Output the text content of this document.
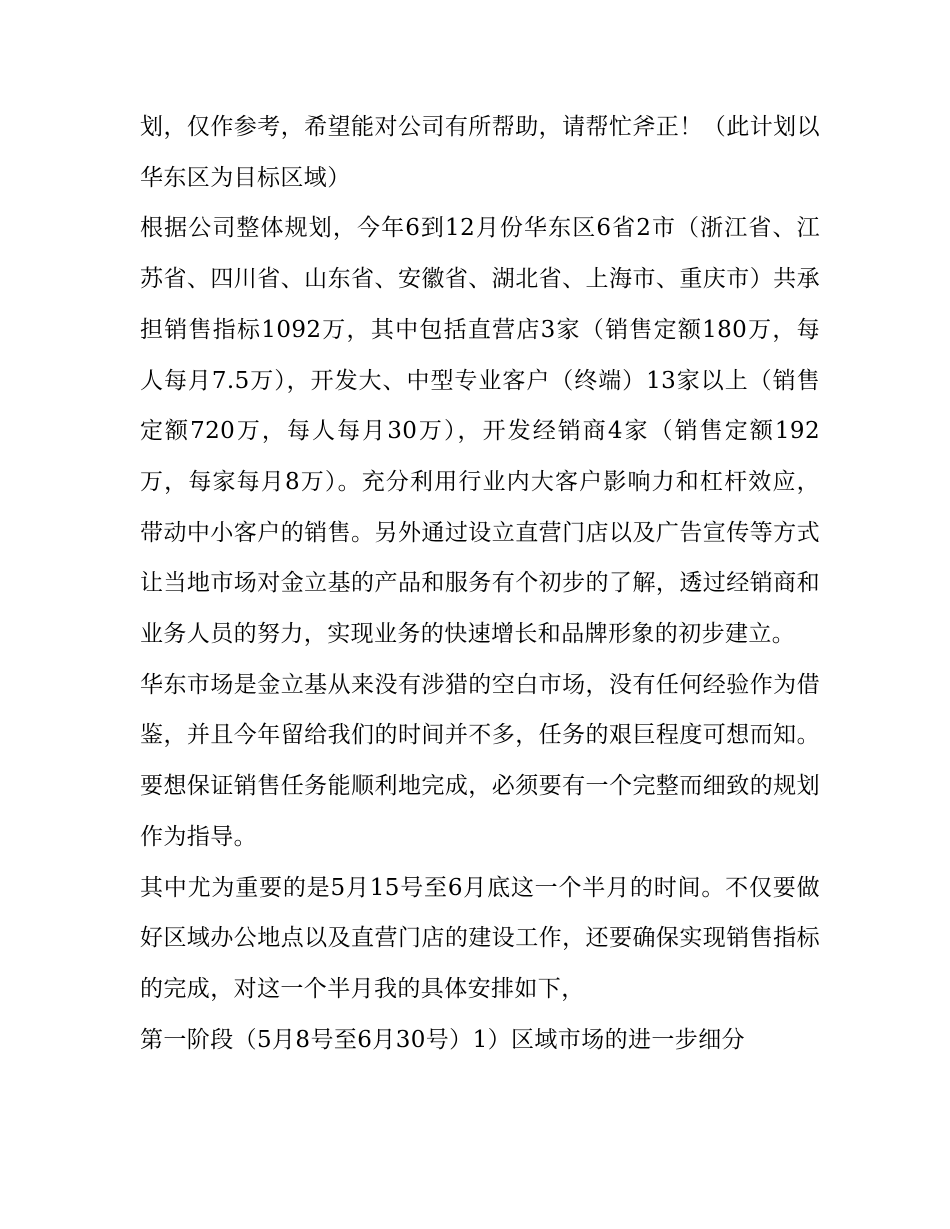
划，仅作参考，希望能对公司有所帮助，请帮忙斧正！（此计划以华东区为目标区域）

根据公司整体规划，今年6到12月份华东区6省2市（浙江省、江苏省、四川省、山东省、安徽省、湖北省、上海市、重庆市）共承担销售指标1092万，其中包括直营店3家（销售定额180万，每人每月7.5万），开发大、中型专业客户（终端）13家以上（销售定额720万，每人每月30万），开发经销商4家（销售定额192万，每家每月8万）。充分利用行业内大客户影响力和杠杆效应，带动中小客户的销售。另外通过设立直营门店以及广告宣传等方式让当地市场对金立基的产品和服务有个初步的了解，透过经销商和业务人员的努力，实现业务的快速增长和品牌形象的初步建立。

华东市场是金立基从来没有涉猎的空白市场，没有任何经验作为借鉴，并且今年留给我们的时间并不多，任务的艰巨程度可想而知。要想保证销售任务能顺利地完成，必须要有一个完整而细致的规划作为指导。

其中尤为重要的是5月15号至6月底这一个半月的时间。不仅要做好区域办公地点以及直营门店的建设工作，还要确保实现销售指标的完成，对这一个半月我的具体安排如下，

第一阶段（5月8号至6月30号）1）区域市场的进一步细分
